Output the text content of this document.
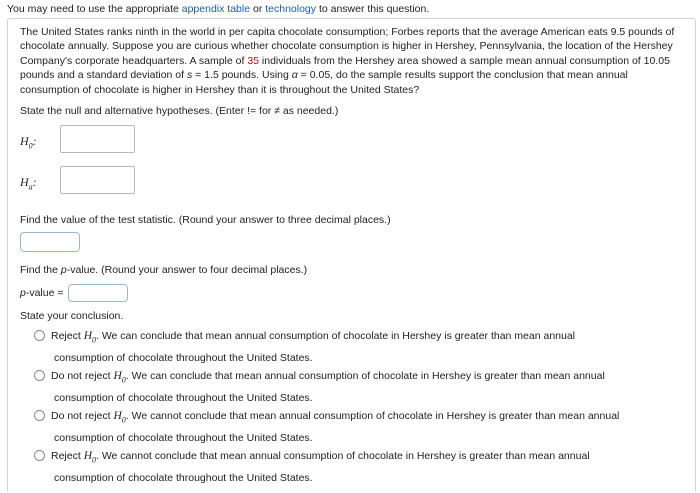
You may need to use the appropriate appendix table or technology to answer this question.
The United States ranks ninth in the world in per capita chocolate consumption; Forbes reports that the average American eats 9.5 pounds of chocolate annually. Suppose you are curious whether chocolate consumption is higher in Hershey, Pennsylvania, the location of the Hershey Company's corporate headquarters. A sample of 35 individuals from the Hershey area showed a sample mean annual consumption of 10.05 pounds and a standard deviation of s = 1.5 pounds. Using α = 0.05, do the sample results support the conclusion that mean annual consumption of chocolate is higher in Hershey than it is throughout the United States?
State the null and alternative hypotheses. (Enter != for ≠ as needed.)
$H_0$:
$H_a$:
Find the value of the test statistic. (Round your answer to three decimal places.)
Find the p-value. (Round your answer to four decimal places.)
p -value =
State your conclusion.
Reject $H_0$. We can conclude that mean annual consumption of chocolate in Hershey is greater than mean annual
consumption of chocolate throughout the United States.
Do not reject $H_0$. We can conclude that mean annual consumption of chocolate in Hershey is greater than mean annual
consumption of chocolate throughout the United States.
Do not reject $H_0$. We cannot conclude that mean annual consumption of chocolate in Hershey is greater than mean annual
consumption of chocolate throughout the United States.
Reject $H_0$. We cannot conclude that mean annual consumption of chocolate in Hershey is greater than mean annual
consumption of chocolate throughout the United States.
